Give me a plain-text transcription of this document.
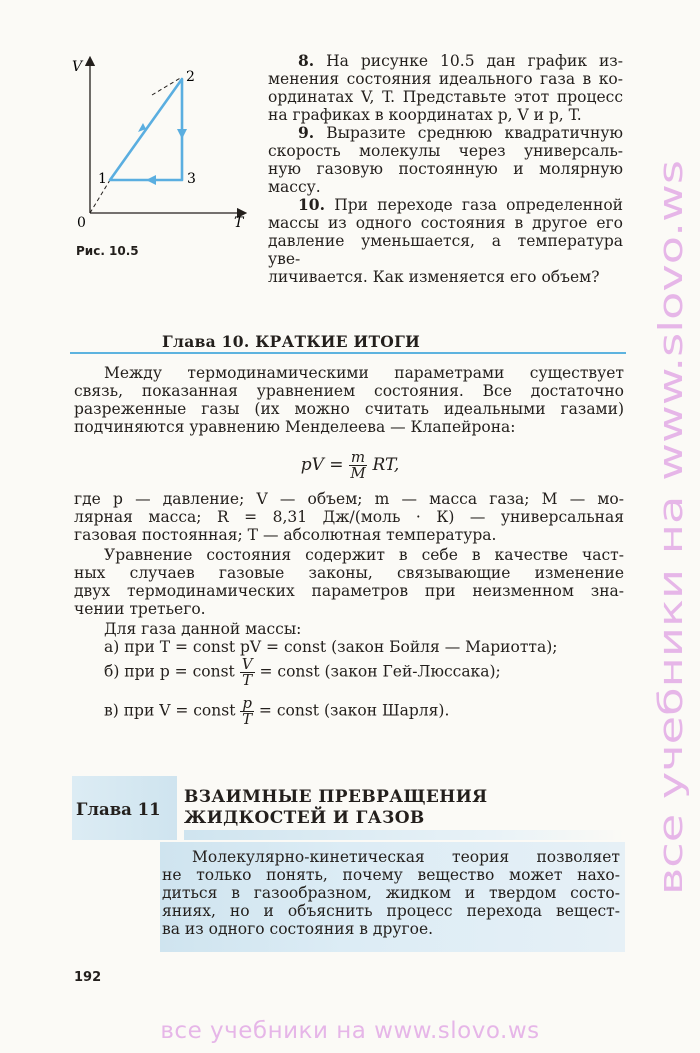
V
T
0
1
2
3
Рис. 10.5

8. На рисунке 10.5 дан график из-
менения состояния идеального газа в ко-
ординатах V, T. Представьте этот процесс
на графиках в координатах p, V и p, T.

9. Выразите среднюю квадратичную
скорость молекулы через универсаль-
ную газовую постоянную и молярную
массу.

10. При переходе газа определенной
массы из одного состояния в другое его
давление уменьшается, а температура уве-
личивается. Как изменяется его объем?

Глава 10. КРАТКИЕ ИТОГИ
Между термодинамическими параметрами существует
связь, показанная уравнением состояния. Все достаточно
разреженные газы (их можно считать идеальными газами)
подчиняются уравнению Менделеева — Клапейрона:
pV = $\frac{m}{M}$ RT,
где p — давление; V — объем; m — масса газа; M — мо-
лярная масса; R = 8,31 Дж/(моль · К) — универсальная
газовая постоянная; T — абсолютная температура.
Уравнение состояния содержит в себе в качестве част-
ных случаев газовые законы, связывающие изменение
двух термодинамических параметров при неизменном зна-
чении третьего.
Для газа данной массы:
а) при T = const pV = const (закон Бойля — Мариотта);
б) при p = const $\frac{V}{T}$ = const (закон Гей-Люссака);
в) при V = const $\frac{p}{T}$ = const (закон Шарля).
Глава 11
ВЗАИМНЫЕ ПРЕВРАЩЕНИЯ
ЖИДКОСТЕЙ И ГАЗОВ
Молекулярно-кинетическая теория позволяет
не только понять, почему вещество может нахо-
диться в газообразном, жидком и твердом состо-
яниях, но и объяснить процесс перехода вещест-
ва из одного состояния в другое.
192
все учебники на www.slovo.ws
все учебники на www.slovo.ws
